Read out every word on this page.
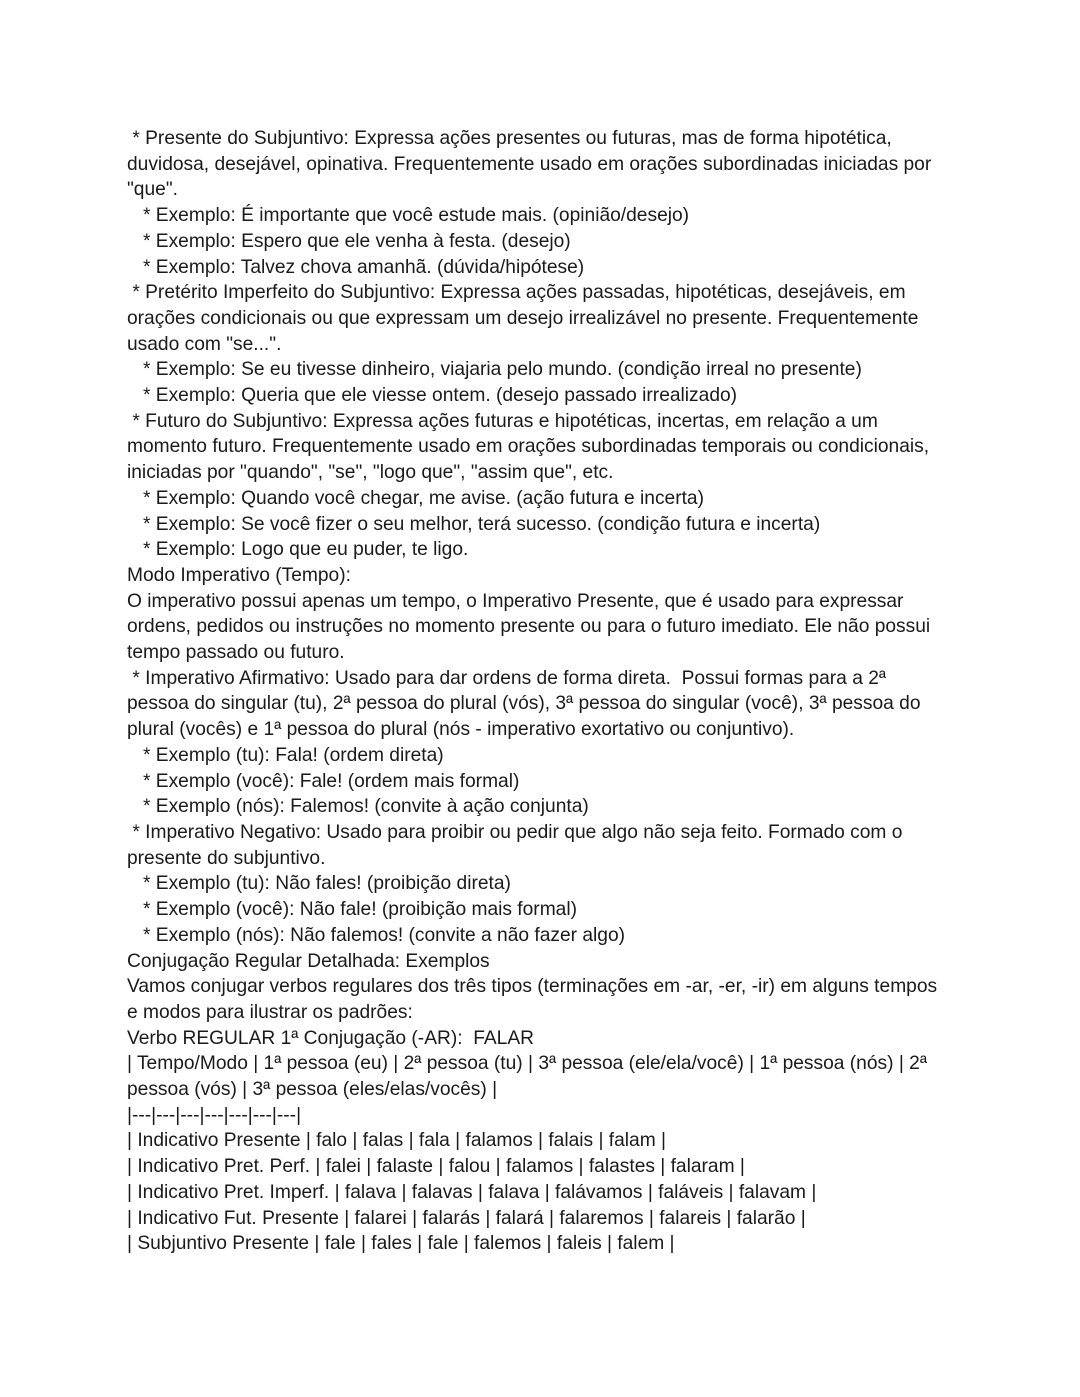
* Presente do Subjuntivo: Expressa ações presentes ou futuras, mas de forma hipotética,
duvidosa, desejável, opinativa. Frequentemente usado em orações subordinadas iniciadas por
"que".
* Exemplo: É importante que você estude mais. (opinião/desejo)
* Exemplo: Espero que ele venha à festa. (desejo)
* Exemplo: Talvez chova amanhã. (dúvida/hipótese)
* Pretérito Imperfeito do Subjuntivo: Expressa ações passadas, hipotéticas, desejáveis, em
orações condicionais ou que expressam um desejo irrealizável no presente. Frequentemente
usado com "se...".
* Exemplo: Se eu tivesse dinheiro, viajaria pelo mundo. (condição irreal no presente)
* Exemplo: Queria que ele viesse ontem. (desejo passado irrealizado)
* Futuro do Subjuntivo: Expressa ações futuras e hipotéticas, incertas, em relação a um
momento futuro. Frequentemente usado em orações subordinadas temporais ou condicionais,
iniciadas por "quando", "se", "logo que", "assim que", etc.
* Exemplo: Quando você chegar, me avise. (ação futura e incerta)
* Exemplo: Se você fizer o seu melhor, terá sucesso. (condição futura e incerta)
* Exemplo: Logo que eu puder, te ligo.
Modo Imperativo (Tempo):
O imperativo possui apenas um tempo, o Imperativo Presente, que é usado para expressar
ordens, pedidos ou instruções no momento presente ou para o futuro imediato. Ele não possui
tempo passado ou futuro.
* Imperativo Afirmativo: Usado para dar ordens de forma direta.  Possui formas para a 2ª
pessoa do singular (tu), 2ª pessoa do plural (vós), 3ª pessoa do singular (você), 3ª pessoa do
plural (vocês) e 1ª pessoa do plural (nós - imperativo exortativo ou conjuntivo).
* Exemplo (tu): Fala! (ordem direta)
* Exemplo (você): Fale! (ordem mais formal)
* Exemplo (nós): Falemos! (convite à ação conjunta)
* Imperativo Negativo: Usado para proibir ou pedir que algo não seja feito. Formado com o
presente do subjuntivo.
* Exemplo (tu): Não fales! (proibição direta)
* Exemplo (você): Não fale! (proibição mais formal)
* Exemplo (nós): Não falemos! (convite a não fazer algo)
Conjugação Regular Detalhada: Exemplos
Vamos conjugar verbos regulares dos três tipos (terminações em -ar, -er, -ir) em alguns tempos
e modos para ilustrar os padrões:
Verbo REGULAR 1ª Conjugação (-AR):  FALAR
| Tempo/Modo | 1ª pessoa (eu) | 2ª pessoa (tu) | 3ª pessoa (ele/ela/você) | 1ª pessoa (nós) | 2ª
pessoa (vós) | 3ª pessoa (eles/elas/vocês) |
|---|---|---|---|---|---|---|
| Indicativo Presente | falo | falas | fala | falamos | falais | falam |
| Indicativo Pret. Perf. | falei | falaste | falou | falamos | falastes | falaram |
| Indicativo Pret. Imperf. | falava | falavas | falava | falávamos | faláveis | falavam |
| Indicativo Fut. Presente | falarei | falarás | falará | falaremos | falareis | falarão |
| Subjuntivo Presente | fale | fales | fale | falemos | faleis | falem |
